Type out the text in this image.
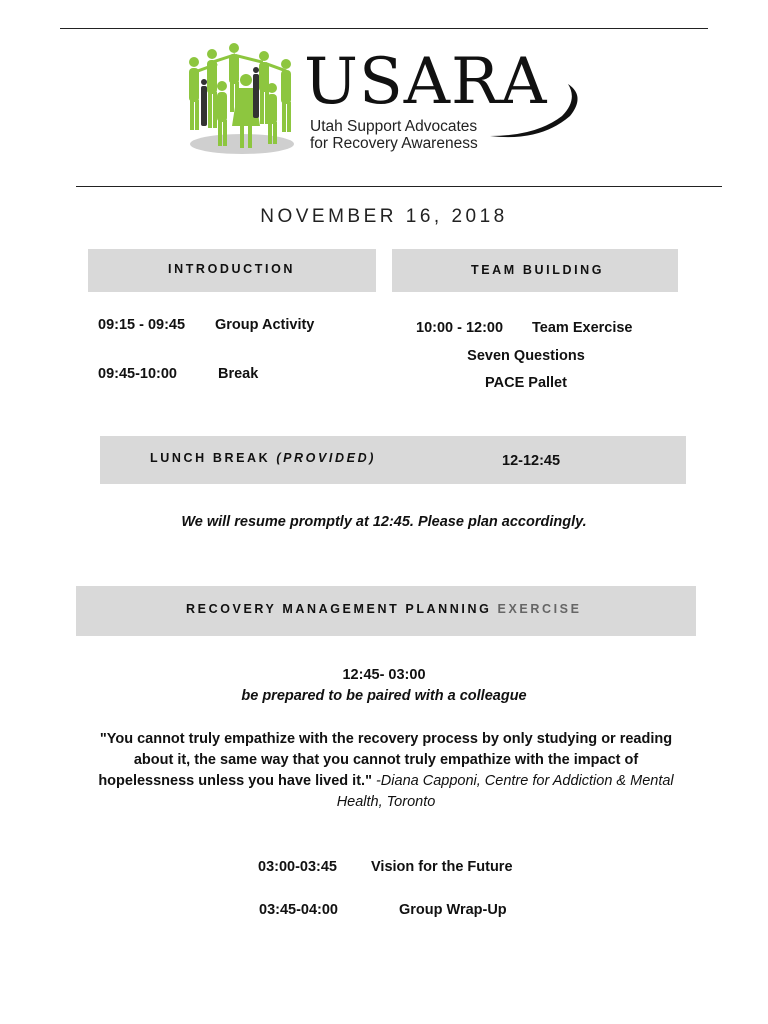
USARA
Utah Support Advocates
for Recovery Awareness
NOVEMBER 16, 2018
INTRODUCTION	TEAM BUILDING
09:15 - 09:45 Group Activity
09:45-10:00	Break
10:00 - 12:00 Team Exercise
Seven Questions
PACE Pallet
LUNCH BREAK (PROVIDED)	12-12:45
We will resume promptly at 12:45. Please plan accordingly.
RECOVERY MANAGEMENT PLANNING EXERCISE
12:45- 03:00
be prepared to be paired with a colleague
"You cannot truly empathize with the recovery process by only studying or reading about it, the same way that you cannot truly empathize with the impact of hopelessness unless you have lived it." -Diana Capponi, Centre for Addiction & Mental Health, Toronto
03:00-03:45 Vision for the Future
03:45-04:00	Group Wrap-Up
